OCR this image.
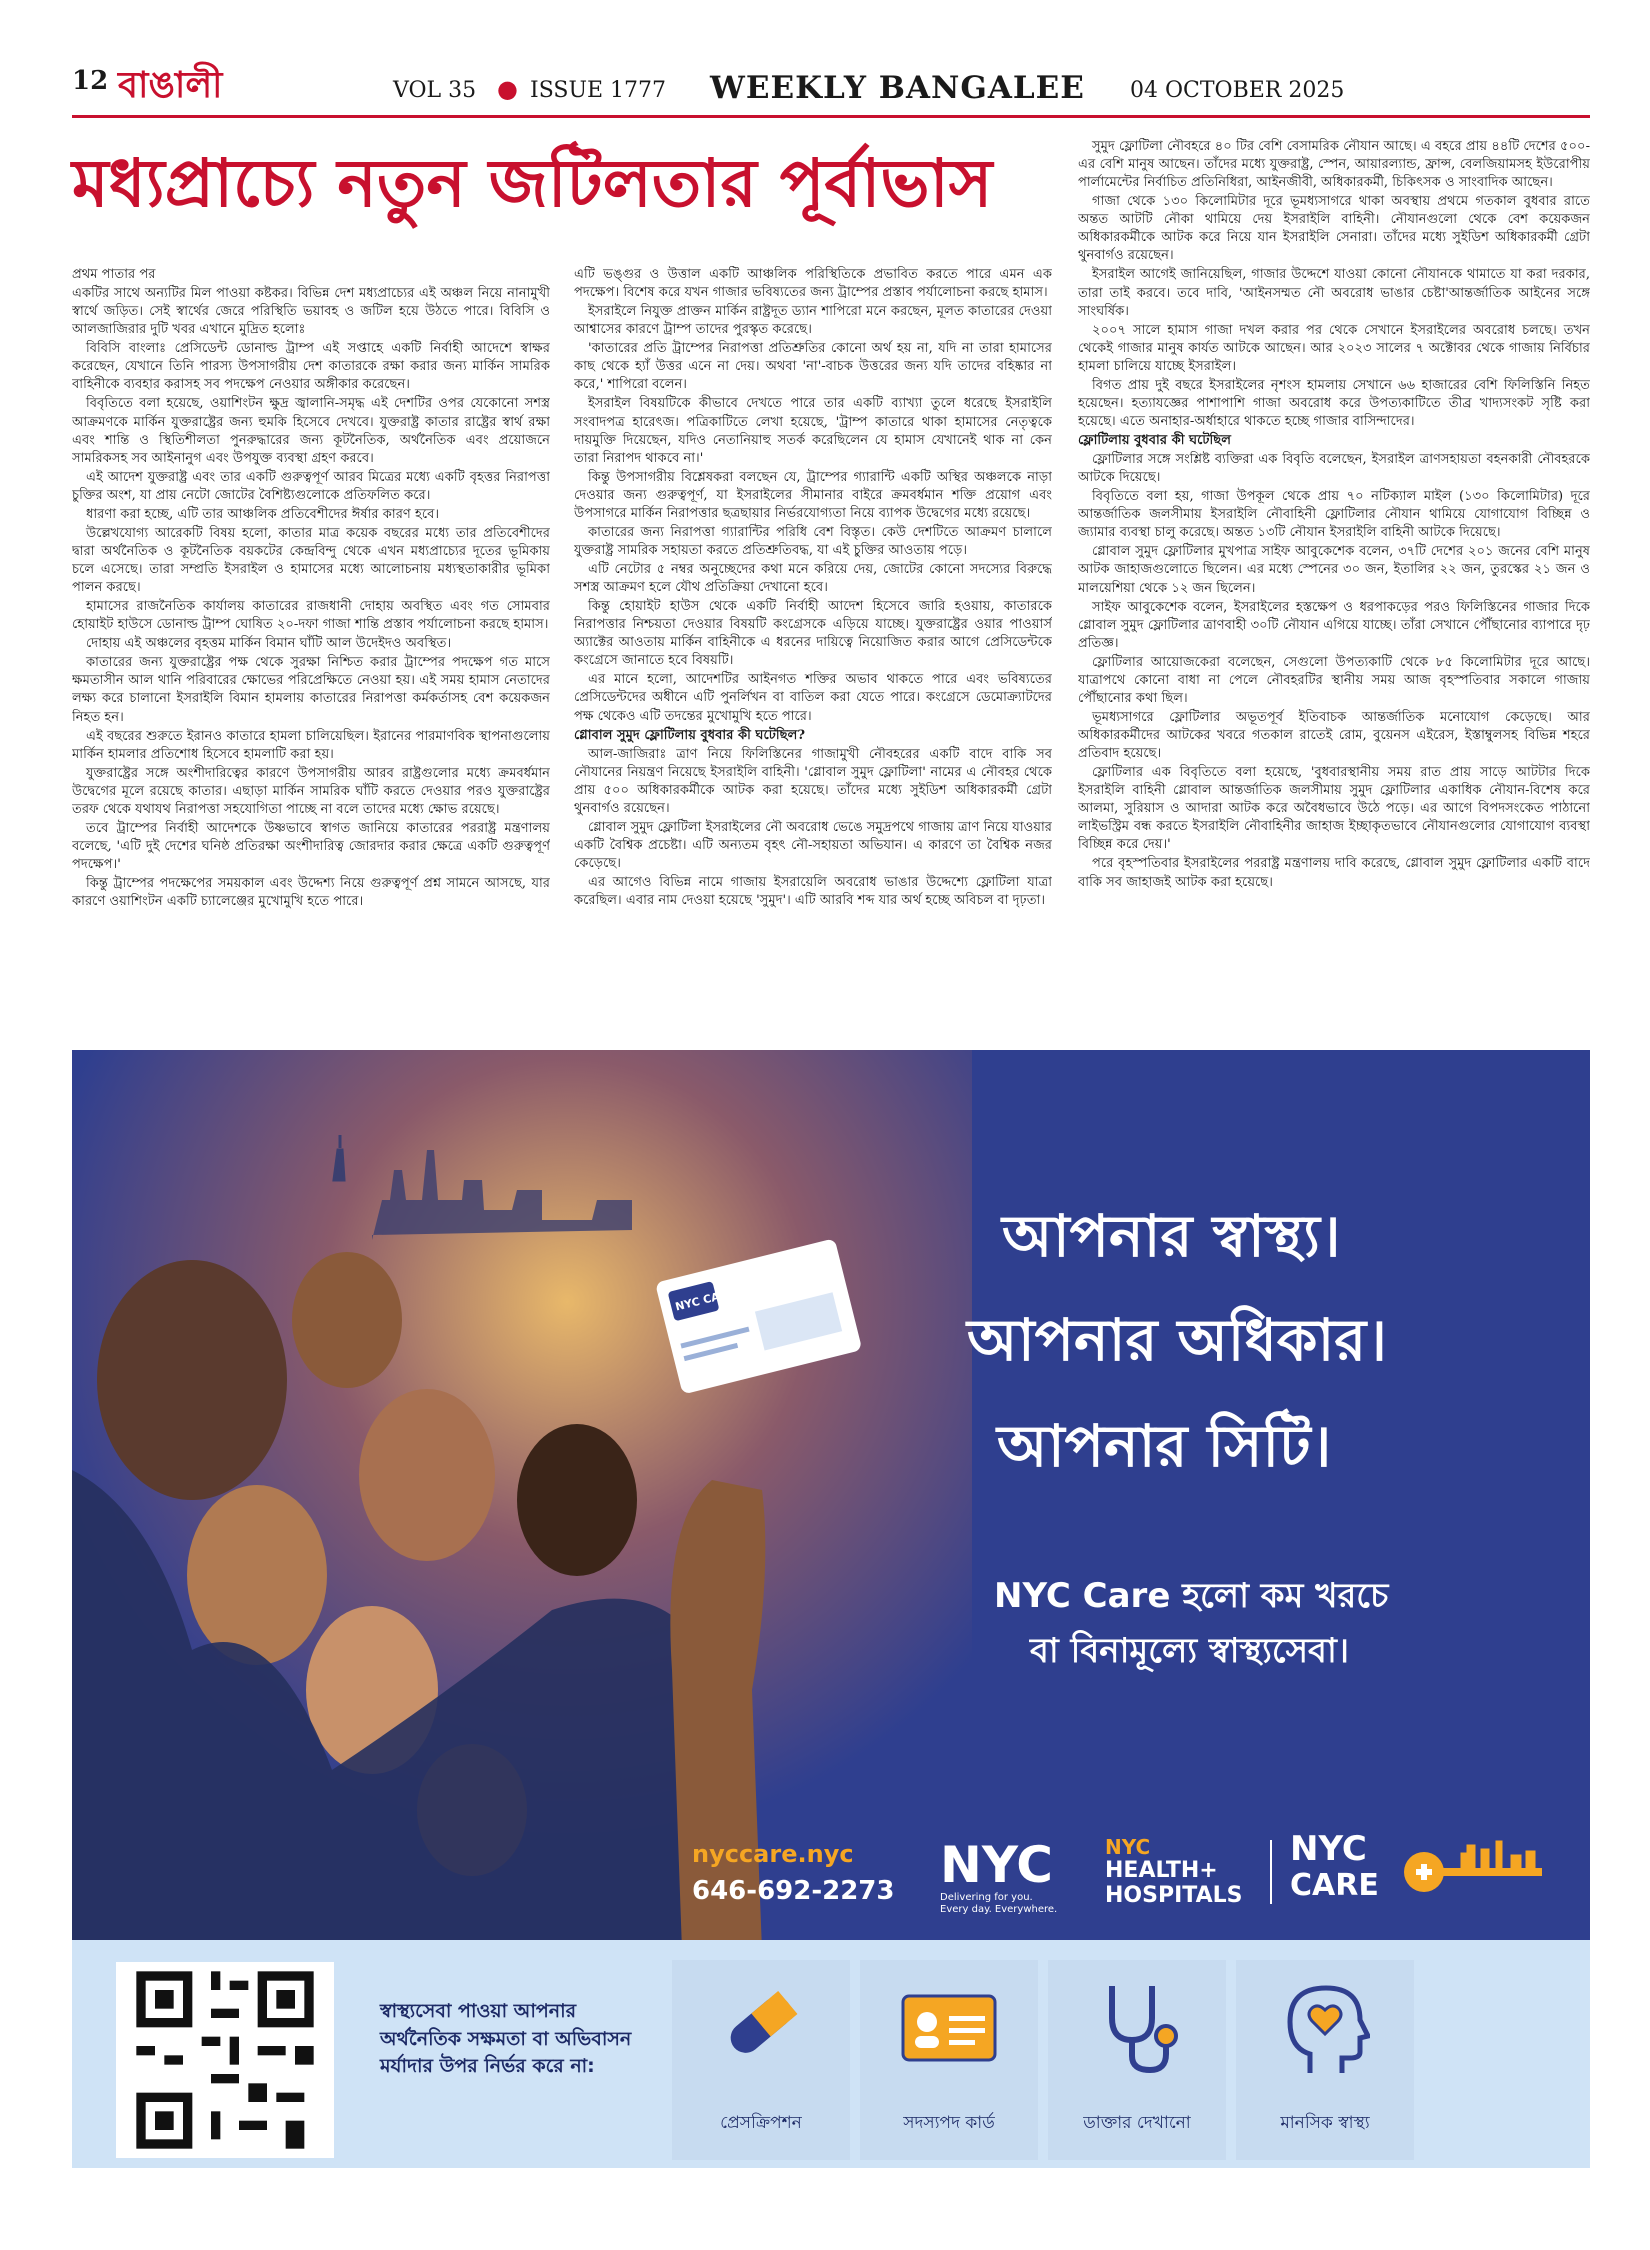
12 বাঙালী	VOL 35 ● ISSUE 1777 WEEKLY BANGALEE 04 OCTOBER 2025
মধ্যপ্রাচ্যে নতুন জটিলতার পূর্বাভাস

প্রথম পাতার পর

একটির সাথে অন্যটির মিল পাওয়া কষ্টকর। বিভিন্ন দেশ মধ্যপ্রাচ্যের এই অঞ্চল নিয়ে নানামুখী স্বার্থে জড়িত। সেই স্বার্থের জেরে পরিস্থিতি ভয়াবহ ও জটিল হয়ে উঠতে পারে। বিবিসি ও আলজাজিরার দুটি খবর এখানে মুদ্রিত হলোঃ

বিবিসি বাংলাঃ প্রেসিডেন্ট ডোনাল্ড ট্রাম্প এই সপ্তাহে একটি নির্বাহী আদেশে স্বাক্ষর করেছেন, যেখানে তিনি পারস্য উপসাগরীয় দেশ কাতারকে রক্ষা করার জন্য মার্কিন সামরিক বাহিনীকে ব্যবহার করাসহ সব পদক্ষেপ নেওয়ার অঙ্গীকার করেছেন।

বিবৃতিতে বলা হয়েছে, ওয়াশিংটন ক্ষুদ্র জ্বালানি-সমৃদ্ধ এই দেশটির ওপর যেকোনো সশস্ত্র আক্রমণকে মার্কিন যুক্তরাষ্ট্রের জন্য হুমকি হিসেবে দেখবে। যুক্তরাষ্ট্র কাতার রাষ্ট্রের স্বার্থ রক্ষা এবং শান্তি ও স্থিতিশীলতা পুনরুদ্ধারের জন্য কূটনৈতিক, অর্থনৈতিক এবং প্রয়োজনে সামরিকসহ সব আইনানুগ এবং উপযুক্ত ব্যবস্থা গ্রহণ করবে।

এই আদেশ যুক্তরাষ্ট্র এবং তার একটি গুরুত্বপূর্ণ আরব মিত্রের মধ্যে একটি বৃহত্তর নিরাপত্তা চুক্তির অংশ, যা প্রায় নেটো জোটের বৈশিষ্ট্যগুলোকে প্রতিফলিত করে।

ধারণা করা হচ্ছে, এটি তার আঞ্চলিক প্রতিবেশীদের ঈর্ষার কারণ হবে।

উল্লেখযোগ্য আরেকটি বিষয় হলো, কাতার মাত্র কয়েক বছরের মধ্যে তার প্রতিবেশীদের দ্বারা অর্থনৈতিক ও কূটনৈতিক বয়কটের কেন্দ্রবিন্দু থেকে এখন মধ্যপ্রাচ্যের দূতের ভূমিকায় চলে এসেছে। তারা সম্প্রতি ইসরাইল ও হামাসের মধ্যে আলোচনায় মধ্যস্থতাকারীর ভূমিকা পালন করছে।

হামাসের রাজনৈতিক কার্যালয় কাতারের রাজধানী দোহায় অবস্থিত এবং গত সোমবার হোয়াইট হাউসে ডোনাল্ড ট্রাম্প ঘোষিত ২০-দফা গাজা শান্তি প্রস্তাব পর্যালোচনা করছে হামাস।

দোহায় এই অঞ্চলের বৃহত্তম মার্কিন বিমান ঘাঁটি আল উদেইদও অবস্থিত।

কাতারের জন্য যুক্তরাষ্ট্রের পক্ষ থেকে সুরক্ষা নিশ্চিত করার ট্রাম্পের পদক্ষেপ গত মাসে ক্ষমতাসীন আল থানি পরিবারের ক্ষোভের পরিপ্রেক্ষিতে নেওয়া হয়। এই সময় হামাস নেতাদের লক্ষ্য করে চালানো ইসরাইলি বিমান হামলায় কাতারের নিরাপত্তা কর্মকর্তাসহ বেশ কয়েকজন নিহত হন।

এই বছরের শুরুতে ইরানও কাতারে হামলা চালিয়েছিল। ইরানের পারমাণবিক স্থাপনাগুলোয় মার্কিন হামলার প্রতিশোধ হিসেবে হামলাটি করা হয়।

যুক্তরাষ্ট্রের সঙ্গে অংশীদারিত্বের কারণে উপসাগরীয় আরব রাষ্ট্রগুলোর মধ্যে ক্রমবর্ধমান উদ্বেগের মূলে রয়েছে কাতার। এছাড়া মার্কিন সামরিক ঘাঁটি করতে দেওয়ার পরও যুক্তরাষ্ট্রের তরফ থেকে যথাযথ নিরাপত্তা সহযোগিতা পাচ্ছে না বলে তাদের মধ্যে ক্ষোভ রয়েছে।

তবে ট্রাম্পের নির্বাহী আদেশকে উষ্ণভাবে স্বাগত জানিয়ে কাতারের পররাষ্ট্র মন্ত্রণালয় বলেছে, 'এটি দুই দেশের ঘনিষ্ঠ প্রতিরক্ষা অংশীদারিত্ব জোরদার করার ক্ষেত্রে একটি গুরুত্বপূর্ণ পদক্ষেপ।'

কিন্তু ট্রাম্পের পদক্ষেপের সময়কাল এবং উদ্দেশ্য নিয়ে গুরুত্বপূর্ণ প্রশ্ন সামনে আসছে, যার কারণে ওয়াশিংটন একটি চ্যালেঞ্জের মুখোমুখি হতে পারে।

এটি ভঙ্গুর ও উত্তাল একটি আঞ্চলিক পরিস্থিতিকে প্রভাবিত করতে পারে এমন এক পদক্ষেপ। বিশেষ করে যখন গাজার ভবিষ্যতের জন্য ট্রাম্পের প্রস্তাব পর্যালোচনা করছে হামাস।

ইসরাইলে নিযুক্ত প্রাক্তন মার্কিন রাষ্ট্রদূত ড্যান শাপিরো মনে করছেন, মূলত কাতারের দেওয়া আশ্বাসের কারণে ট্রাম্প তাদের পুরস্কৃত করেছে।

'কাতারের প্রতি ট্রাম্পের নিরাপত্তা প্রতিশ্রুতির কোনো অর্থ হয় না, যদি না তারা হামাসের কাছ থেকে হ্যাঁ উত্তর এনে না দেয়। অথবা 'না'-বাচক উত্তরের জন্য যদি তাদের বহিষ্কার না করে,' শাপিরো বলেন।

ইসরাইল বিষয়টিকে কীভাবে দেখতে পারে তার একটি ব্যাখ্যা তুলে ধরেছে ইসরাইলি সংবাদপত্র হারেৎজ। পত্রিকাটিতে লেখা হয়েছে, 'ট্রাম্প কাতারে থাকা হামাসের নেতৃত্বকে দায়মুক্তি দিয়েছেন, যদিও নেতানিয়াহু সতর্ক করেছিলেন যে হামাস যেখানেই থাক না কেন তারা নিরাপদ থাকবে না।'

কিন্তু উপসাগরীয় বিশ্লেষকরা বলছেন যে, ট্রাম্পের গ্যারান্টি একটি অস্থির অঞ্চলকে নাড়া দেওয়ার জন্য গুরুত্বপূর্ণ, যা ইসরাইলের সীমানার বাইরে ক্রমবর্ধমান শক্তি প্রয়োগ এবং উপসাগরে মার্কিন নিরাপত্তার ছত্রছায়ার নির্ভরযোগ্যতা নিয়ে ব্যাপক উদ্বেগের মধ্যে রয়েছে।

কাতারের জন্য নিরাপত্তা গ্যারান্টির পরিধি বেশ বিস্তৃত। কেউ দেশটিতে আক্রমণ চালালে যুক্তরাষ্ট্র সামরিক সহায়তা করতে প্রতিশ্রুতিবদ্ধ, যা এই চুক্তির আওতায় পড়ে।

এটি নেটোর ৫ নম্বর অনুচ্ছেদের কথা মনে করিয়ে দেয়, জোটের কোনো সদস্যের বিরুদ্ধে সশস্ত্র আক্রমণ হলে যৌথ প্রতিক্রিয়া দেখানো হবে।

কিন্তু হোয়াইট হাউস থেকে একটি নির্বাহী আদেশ হিসেবে জারি হওয়ায়, কাতারকে নিরাপত্তার নিশ্চয়তা দেওয়ার বিষয়টি কংগ্রেসকে এড়িয়ে যাচ্ছে। যুক্তরাষ্ট্রের ওয়ার পাওয়ার্স অ্যাক্টের আওতায় মার্কিন বাহিনীকে এ ধরনের দায়িত্বে নিয়োজিত করার আগে প্রেসিডেন্টকে কংগ্রেসে জানাতে হবে বিষয়টি।

এর মানে হলো, আদেশটির আইনগত শক্তির অভাব থাকতে পারে এবং ভবিষ্যতের প্রেসিডেন্টদের অধীনে এটি পুনর্লিখন বা বাতিল করা যেতে পারে। কংগ্রেসে ডেমোক্র্যাটদের পক্ষ থেকেও এটি তদন্তের মুখোমুখি হতে পারে।

গ্লোবাল সুমুদ ফ্লোটিলায় বুধবার কী ঘটেছিল?

আল-জাজিরাঃ ত্রাণ নিয়ে ফিলিস্তিনের গাজামুখী নৌবহরের একটি বাদে বাকি সব নৌযানের নিয়ন্ত্রণ নিয়েছে ইসরাইলি বাহিনী। 'গ্লোবাল সুমুদ ফ্লোটিলা' নামের এ নৌবহর থেকে প্রায় ৫০০ অধিকারকর্মীকে আটক করা হয়েছে। তাঁদের মধ্যে সুইডিশ অধিকারকর্মী গ্রেটা থুনবার্গও রয়েছেন।

গ্লোবাল সুমুদ ফ্লোটিলা ইসরাইলের নৌ অবরোধ ভেঙে সমুদ্রপথে গাজায় ত্রাণ নিয়ে যাওয়ার একটি বৈশ্বিক প্রচেষ্টা। এটি অন্যতম বৃহৎ নৌ-সহায়তা অভিযান। এ কারণে তা বৈশ্বিক নজর কেড়েছে।

এর আগেও বিভিন্ন নামে গাজায় ইসরায়েলি অবরোধ ভাঙার উদ্দেশ্যে ফ্লোটিলা যাত্রা করেছিল। এবার নাম দেওয়া হয়েছে 'সুমুদ'। এটি আরবি শব্দ যার অর্থ হচ্ছে অবিচল বা দৃঢ়তা।

সুমুদ ফ্লোটিলা নৌবহরে ৪০ টির বেশি বেসামরিক নৌযান আছে। এ বহরে প্রায় ৪৪টি দেশের ৫০০-এর বেশি মানুষ আছেন। তাঁদের মধ্যে যুক্তরাষ্ট্র, স্পেন, আয়ারল্যান্ড, ফ্রান্স, বেলজিয়ামসহ ইউরোপীয় পার্লামেন্টের নির্বাচিত প্রতিনিধিরা, আইনজীবী, অধিকারকর্মী, চিকিৎসক ও সাংবাদিক আছেন।

গাজা থেকে ১৩০ কিলোমিটার দূরে ভূমধ্যসাগরে থাকা অবস্থায় প্রথমে গতকাল বুধবার রাতে অন্তত আটটি নৌকা থামিয়ে দেয় ইসরাইলি বাহিনী। নৌযানগুলো থেকে বেশ কয়েকজন অধিকারকর্মীকে আটক করে নিয়ে যান ইসরাইলি সেনারা। তাঁদের মধ্যে সুইডিশ অধিকারকর্মী গ্রেটা থুনবার্গও রয়েছেন।

ইসরাইল আগেই জানিয়েছিল, গাজার উদ্দেশে যাওয়া কোনো নৌযানকে থামাতে যা করা দরকার, তারা তাই করবে। তবে দাবি, 'আইনসম্মত নৌ অবরোধ ভাঙার চেষ্টা'আন্তর্জাতিক আইনের সঙ্গে সাংঘর্ষিক।

২০০৭ সালে হামাস গাজা দখল করার পর থেকে সেখানে ইসরাইলের অবরোধ চলছে। তখন থেকেই গাজার মানুষ কার্যত আটকে আছেন। আর ২০২৩ সালের ৭ অক্টোবর থেকে গাজায় নির্বিচার হামলা চালিয়ে যাচ্ছে ইসরাইল।

বিগত প্রায় দুই বছরে ইসরাইলের নৃশংস হামলায় সেখানে ৬৬ হাজারের বেশি ফিলিস্তিনি নিহত হয়েছেন। হত্যাযজ্ঞের পাশাপাশি গাজা অবরোধ করে উপত্যকাটিতে তীব্র খাদ্যসংকট সৃষ্টি করা হয়েছে। এতে অনাহার-অর্ধাহারে থাকতে হচ্ছে গাজার বাসিন্দাদের।

ফ্লোটিলায় বুধবার কী ঘটেছিল

ফ্লোটিলার সঙ্গে সংশ্লিষ্ট ব্যক্তিরা এক বিবৃতি বলেছেন, ইসরাইল ত্রাণসহায়তা বহনকারী নৌবহরকে আটকে দিয়েছে।

বিবৃতিতে বলা হয়, গাজা উপকূল থেকে প্রায় ৭০ নটিক্যাল মাইল (১৩০ কিলোমিটার) দূরে আন্তর্জাতিক জলসীমায় ইসরাইলি নৌবাহিনী ফ্লোটিলার নৌযান থামিয়ে যোগাযোগ বিচ্ছিন্ন ও জ্যামার ব্যবস্থা চালু করেছে। অন্তত ১৩টি নৌযান ইসরাইলি বাহিনী আটকে দিয়েছে।

গ্লোবাল সুমুদ ফ্লোটিলার মুখপাত্র সাইফ আবুকেশেক বলেন, ৩৭টি দেশের ২০১ জনের বেশি মানুষ আটক জাহাজগুলোতে ছিলেন। এর মধ্যে স্পেনের ৩০ জন, ইতালির ২২ জন, তুরস্কের ২১ জন ও মালয়েশিয়া থেকে ১২ জন ছিলেন।

সাইফ আবুকেশেক বলেন, ইসরাইলের হস্তক্ষেপ ও ধরপাকড়ের পরও ফিলিস্তিনের গাজার দিকে গ্লোবাল সুমুদ ফ্লোটিলার ত্রাণবাহী ৩০টি নৌযান এগিয়ে যাচ্ছে। তাঁরা সেখানে পৌঁছানোর ব্যাপারে দৃঢ় প্রতিজ্ঞ।

ফ্লোটিলার আয়োজকেরা বলেছেন, সেগুলো উপত্যকাটি থেকে ৮৫ কিলোমিটার দূরে আছে। যাত্রাপথে কোনো বাধা না পেলে নৌবহরটির স্থানীয় সময় আজ বৃহস্পতিবার সকালে গাজায় পৌঁছানোর কথা ছিল।

ভূমধ্যসাগরে ফ্লোটিলার অভূতপূর্ব ইতিবাচক আন্তর্জাতিক মনোযোগ কেড়েছে। আর অধিকারকর্মীদের আটকের খবরে গতকাল রাতেই রোম, বুয়েনস এইরেস, ইস্তাম্বুলসহ বিভিন্ন শহরে প্রতিবাদ হয়েছে।

ফ্লোটিলার এক বিবৃতিতে বলা হয়েছে, 'বুধবারস্থানীয় সময় রাত প্রায় সাড়ে আটটার দিকে ইসরাইলি বাহিনী গ্লোবাল আন্তর্জাতিক জলসীমায় সুমুদ ফ্লোটিলার একাধিক নৌযান-বিশেষ করে আলমা, সুরিয়াস ও আদারা আটক করে অবৈধভাবে উঠে পড়ে। এর আগে বিপদসংকেত পাঠানো লাইভস্ট্রিম বন্ধ করতে ইসরাইলি নৌবাহিনীর জাহাজ ইচ্ছাকৃতভাবে নৌযানগুলোর যোগাযোগ ব্যবস্থা বিচ্ছিন্ন করে দেয়।'

পরে বৃহস্পতিবার ইসরাইলের পররাষ্ট্র মন্ত্রণালয় দাবি করেছে, গ্লোবাল সুমুদ ফ্লোটিলার একটি বাদে বাকি সব জাহাজই আটক করা হয়েছে।

NYC CARE
আপনার স্বাস্থ্য।
আপনার অধিকার।
আপনার সিটি।
NYC Care হলো কম খরচে
বা বিনামূল্যে স্বাস্থ্যসেবা।
nyccare.nyc
646-692-2273 NYC
Delivering for you.
Every day. Everywhere.
NYC
HEALTH+
HOSPITALS
NYC
CARE
স্বাস্থ্যসেবা পাওয়া আপনার অর্থনৈতিক সক্ষমতা বা অভিবাসন মর্যাদার উপর নির্ভর করে না:
প্রেসক্রিপশন	সদস্যপদ কার্ড	ডাক্তার দেখানো	মানসিক স্বাস্থ্য
